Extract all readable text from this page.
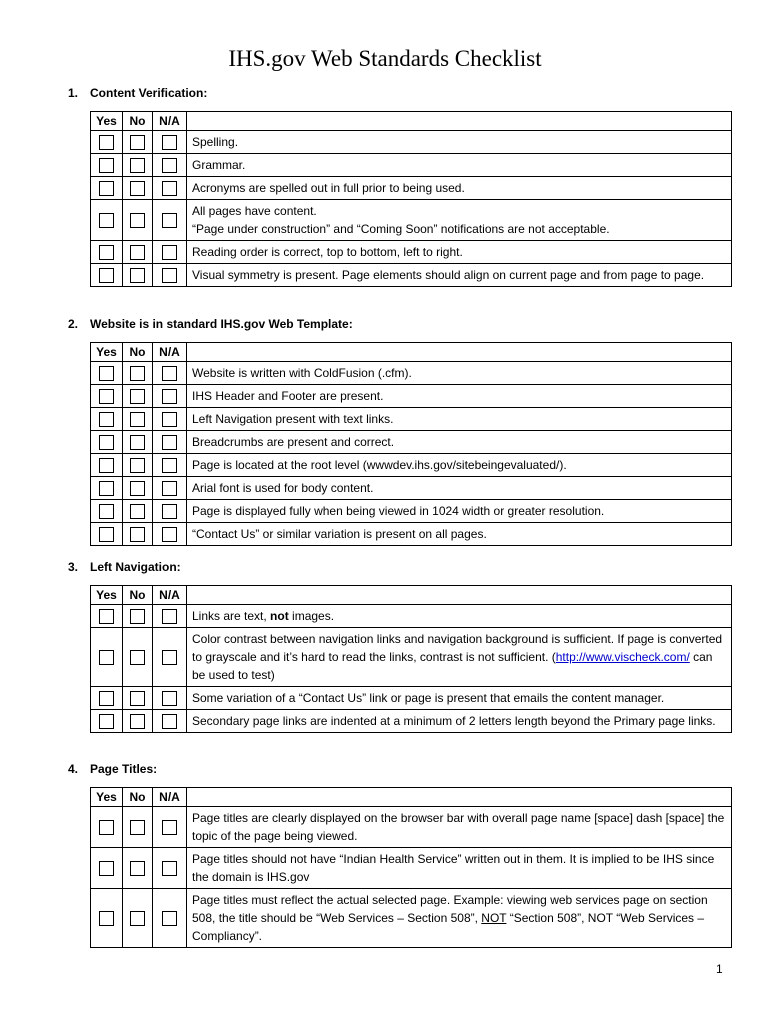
IHS.gov Web Standards Checklist
1. Content Verification:
Yes	No	N/A	
			Spelling.
			Grammar.
			Acronyms are spelled out in full prior to being used.
			All pages have content.
“Page under construction” and “Coming Soon” notifications are not acceptable.
			Reading order is correct, top to bottom, left to right.
			Visual symmetry is present. Page elements should align on current page and from page to page.
2. Website is in standard IHS.gov Web Template:
Yes	No	N/A	
			Website is written with ColdFusion (.cfm).
			IHS Header and Footer are present.
			Left Navigation present with text links.
			Breadcrumbs are present and correct.
			Page is located at the root level (wwwdev.ihs.gov/sitebeingevaluated/).
			Arial font is used for body content.
			Page is displayed fully when being viewed in 1024 width or greater resolution.
			“Contact Us” or similar variation is present on all pages.
3. Left Navigation:
Yes	No	N/A	
			Links are text, not images.
			Color contrast between navigation links and navigation background is sufficient. If page is converted to grayscale and it’s hard to read the links, contrast is not sufficient. (http://www.vischeck.com/ can be used to test)
			Some variation of a “Contact Us” link or page is present that emails the content manager.
			Secondary page links are indented at a minimum of 2 letters length beyond the Primary page links.
4. Page Titles:
Yes	No	N/A	
			Page titles are clearly displayed on the browser bar with overall page name [space] dash [space] the topic of the page being viewed.
			Page titles should not have “Indian Health Service” written out in them. It is implied to be IHS since the domain is IHS.gov
			Page titles must reflect the actual selected page. Example: viewing web services page on section 508, the title should be “Web Services – Section 508”, NOT “Section 508”, NOT “Web Services – Compliancy”.
1
